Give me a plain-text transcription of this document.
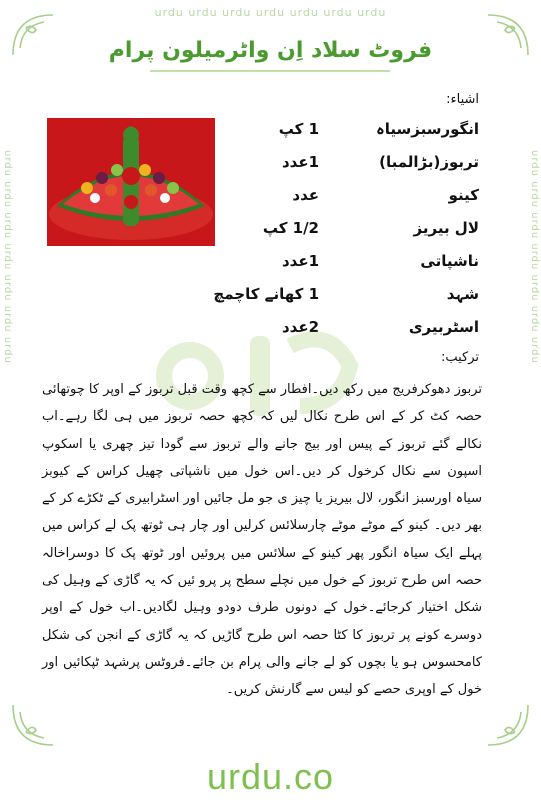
urdu urdu urdu urdu urdu urdu urdu
urdu urdu urdu urdu urdu urdu urdu	urdu urdu urdu urdu urdu urdu urdu
فروٹ سلاد اِن واٹرمیلون پرام
اشیاء:
انگورسبزسیاہ
1 کپ
تربوز(بڑالمبا)
1عدد
کینو
عدد
لال بیریز
1/2 کپ
ناشپاتی
1عدد
شہد
1 کھانے کاچمچ
اسٹربیری
2عدد
ترکیب:
تربوز دھوکرفریج میں رکھ دیں۔افطار سے کچھ وقت قبل تربوز کے اوپر کا چوتھائی حصہ کٹ کر کے اس طرح نکال لیں کہ کچھ حصہ تربوز میں ہی لگا رہے۔اب نکالے گئے تربوز کے پیس اور بیج جانے والے تربوز سے گودا تیز چھری یا اسکوپ اسپون سے نکال کرخول کر دیں۔اس خول میں ناشپاتی چھیل کراس کے کیوبز سیاہ اورسبز انگور، لال بیریز یا چیز ی جو مل جائیں اور اسٹرابیری کے ٹکڑے کر کے بھر دیں۔ کینو کے موٹے موٹے چارسلائس کرلیں اور چار ہی ٹوتھ پک لے کراس میں پہلے ایک سیاہ انگور پھر کینو کے سلائس میں پروئیں اور ٹوتھ پک کا دوسراخالہ حصہ اس طرح تربوز کے خول میں نچلے سطح پر پرو ئیں کہ یہ گاڑی کے وہیل کی شکل اختیار کرجائے۔خول کے دونوں طرف دودو وہیل لگادیں۔اب خول کے اوپر دوسرے کونے پر تربوز کا کٹا حصہ اس طرح گاڑیں کہ یہ گاڑی کے انجن کی شکل کامحسوس ہو یا بچوں کو لے جانے والی پرام بن جائے۔فروٹس پرشہد ٹپکائیں اور خول کے اوپری حصے کو لیس سے گارنش کریں۔
urdu.co
